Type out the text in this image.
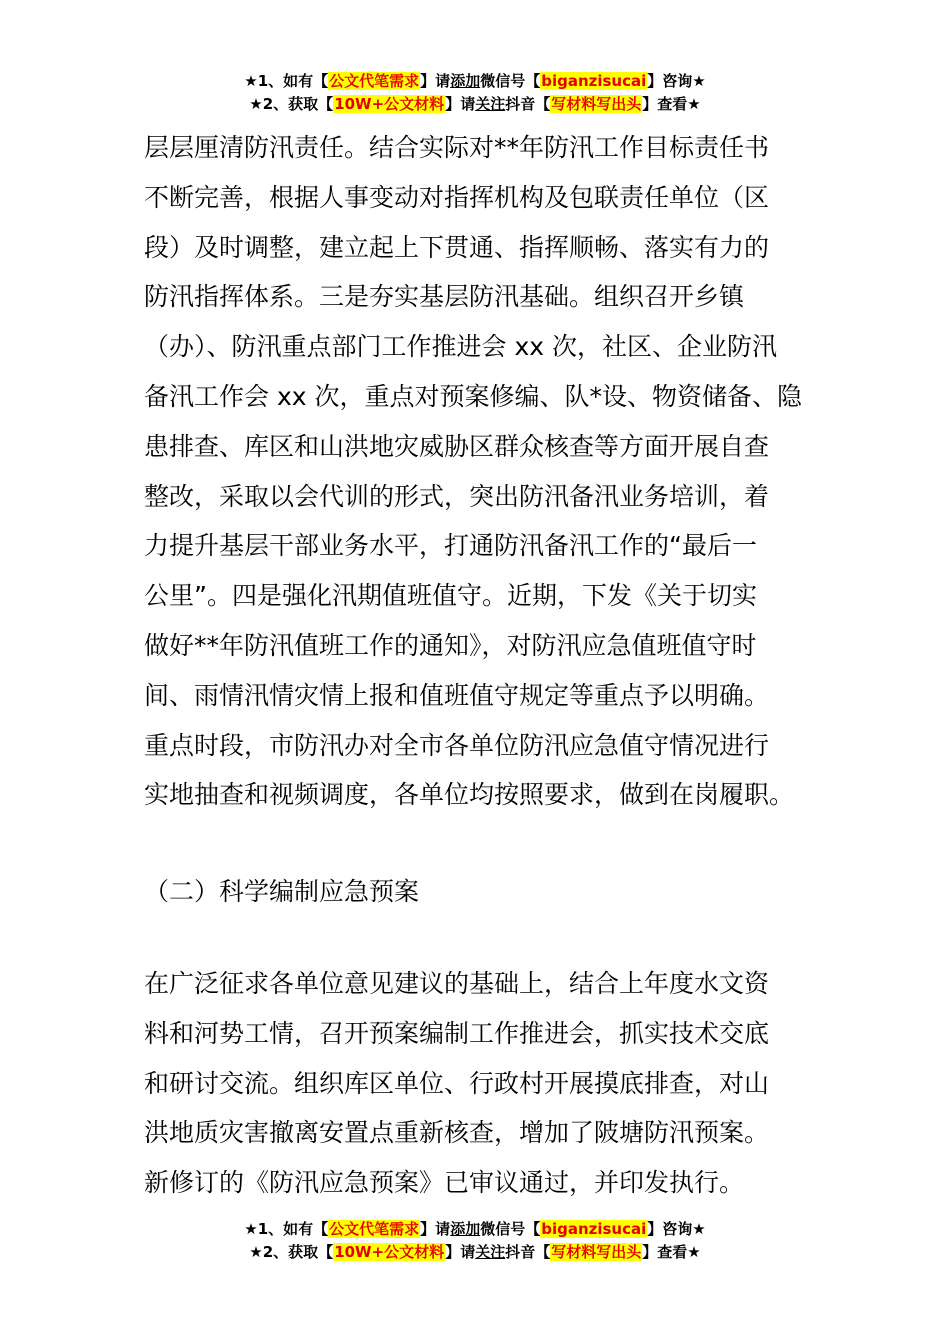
★1、如有【公文代笔需求】请添加微信号【biganzisucai】咨询★
★2、获取【10W+公文材料】请关注抖音【写材料写出头】查看★

层层厘清防汛责任。结合实际对**年防汛工作目标责任书
不断完善，根据人事变动对指挥机构及包联责任单位（区
段）及时调整，建立起上下贯通、指挥顺畅、落实有力的
防汛指挥体系。三是夯实基层防汛基础。组织召开乡镇
（办）、防汛重点部门工作推进会 xx 次，社区、企业防汛
备汛工作会 xx 次，重点对预案修编、队*设、物资储备、隐
患排查、库区和山洪地灾威胁区群众核查等方面开展自查
整改，采取以会代训的形式，突出防汛备汛业务培训，着
力提升基层干部业务水平，打通防汛备汛工作的“最后一
公里”。四是强化汛期值班值守。近期，下发《关于切实
做好**年防汛值班工作的通知》，对防汛应急值班值守时
间、雨情汛情灾情上报和值班值守规定等重点予以明确。
重点时段，市防汛办对全市各单位防汛应急值守情况进行
实地抽查和视频调度，各单位均按照要求，做到在岗履职。

（二）科学编制应急预案

在广泛征求各单位意见建议的基础上，结合上年度水文资
料和河势工情，召开预案编制工作推进会，抓实技术交底
和研讨交流。组织库区单位、行政村开展摸底排查，对山
洪地质灾害撤离安置点重新核查，增加了陂塘防汛预案。
新修订的《防汛应急预案》已审议通过，并印发执行。

★1、如有【公文代笔需求】请添加微信号【biganzisucai】咨询★
★2、获取【10W+公文材料】请关注抖音【写材料写出头】查看★
